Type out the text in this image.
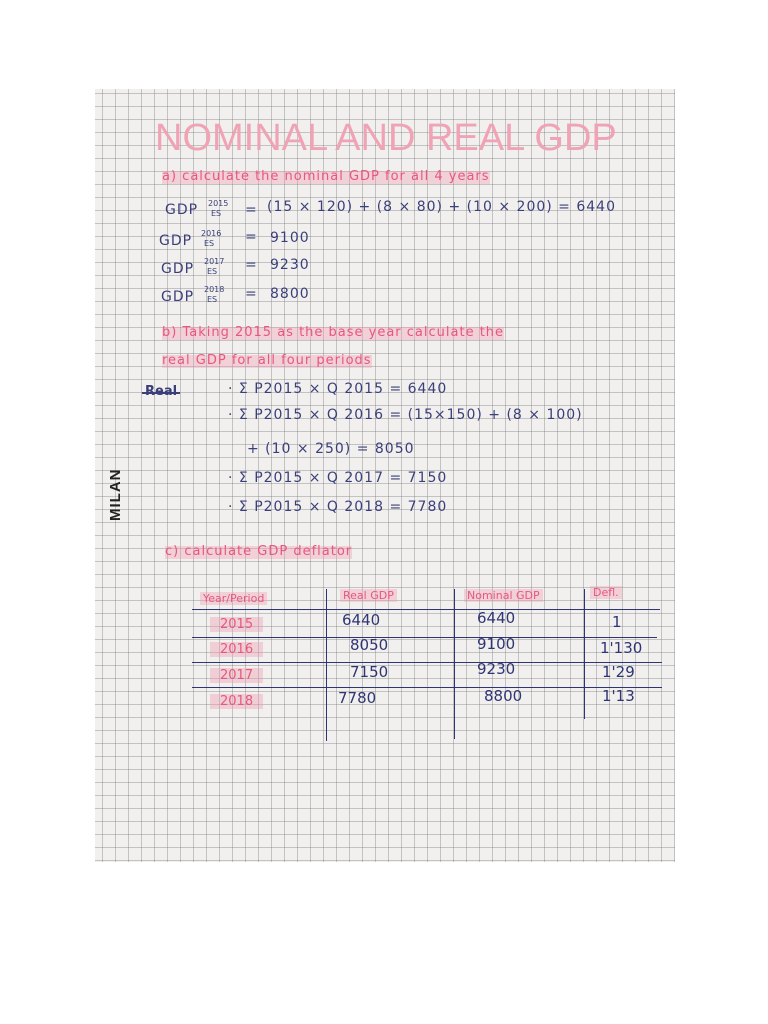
MILAN
NOMINAL AND REAL GDP
a) calculate the nominal GDP for all 4 years
GDP 2015
ES = (15 × 120) + (8 × 80) + (10 × 200) = 6440
GDP 2016
ES = 9100
GDP 2017
ES = 9230
GDP 2018
ES = 8800
b) Taking 2015 as the base year calculate the
real GDP for all four periods
Real	· Σ P2015 × Q 2015 = 6440
· Σ P2015 × Q 2016 = (15×150) + (8 × 100)
+ (10 × 250) = 8050
· Σ P2015 × Q 2017 = 7150
· Σ P2015 × Q 2018 = 7780
c) calculate GDP deflator
Year/Period	Real GDP	Nominal GDP	Defl.
2015	6440	6440	1
2016	8050	9100	1'130
2017	7150	9230	1'29
2018	7780	8800	1'13
